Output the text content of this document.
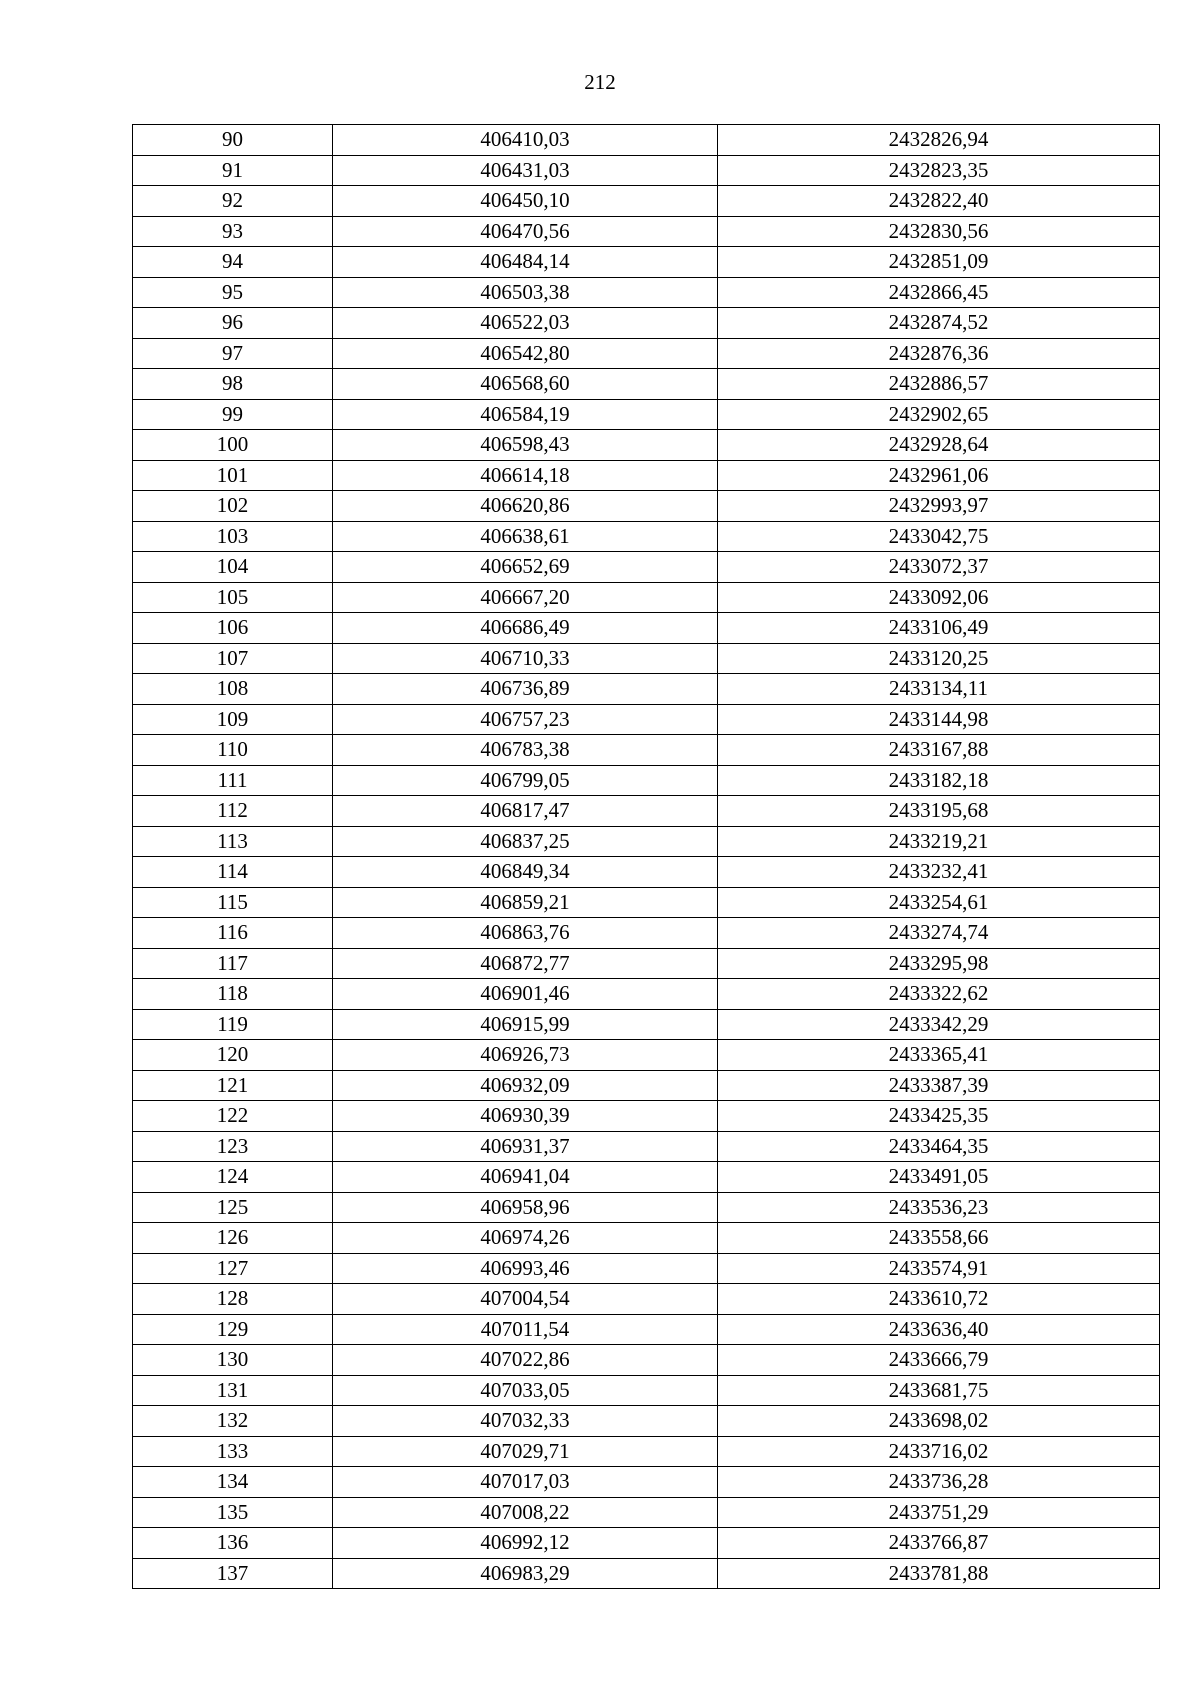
212
90	406410,03	2432826,94
91	406431,03	2432823,35
92	406450,10	2432822,40
93	406470,56	2432830,56
94	406484,14	2432851,09
95	406503,38	2432866,45
96	406522,03	2432874,52
97	406542,80	2432876,36
98	406568,60	2432886,57
99	406584,19	2432902,65
100	406598,43	2432928,64
101	406614,18	2432961,06
102	406620,86	2432993,97
103	406638,61	2433042,75
104	406652,69	2433072,37
105	406667,20	2433092,06
106	406686,49	2433106,49
107	406710,33	2433120,25
108	406736,89	2433134,11
109	406757,23	2433144,98
110	406783,38	2433167,88
111	406799,05	2433182,18
112	406817,47	2433195,68
113	406837,25	2433219,21
114	406849,34	2433232,41
115	406859,21	2433254,61
116	406863,76	2433274,74
117	406872,77	2433295,98
118	406901,46	2433322,62
119	406915,99	2433342,29
120	406926,73	2433365,41
121	406932,09	2433387,39
122	406930,39	2433425,35
123	406931,37	2433464,35
124	406941,04	2433491,05
125	406958,96	2433536,23
126	406974,26	2433558,66
127	406993,46	2433574,91
128	407004,54	2433610,72
129	407011,54	2433636,40
130	407022,86	2433666,79
131	407033,05	2433681,75
132	407032,33	2433698,02
133	407029,71	2433716,02
134	407017,03	2433736,28
135	407008,22	2433751,29
136	406992,12	2433766,87
137	406983,29	2433781,88
